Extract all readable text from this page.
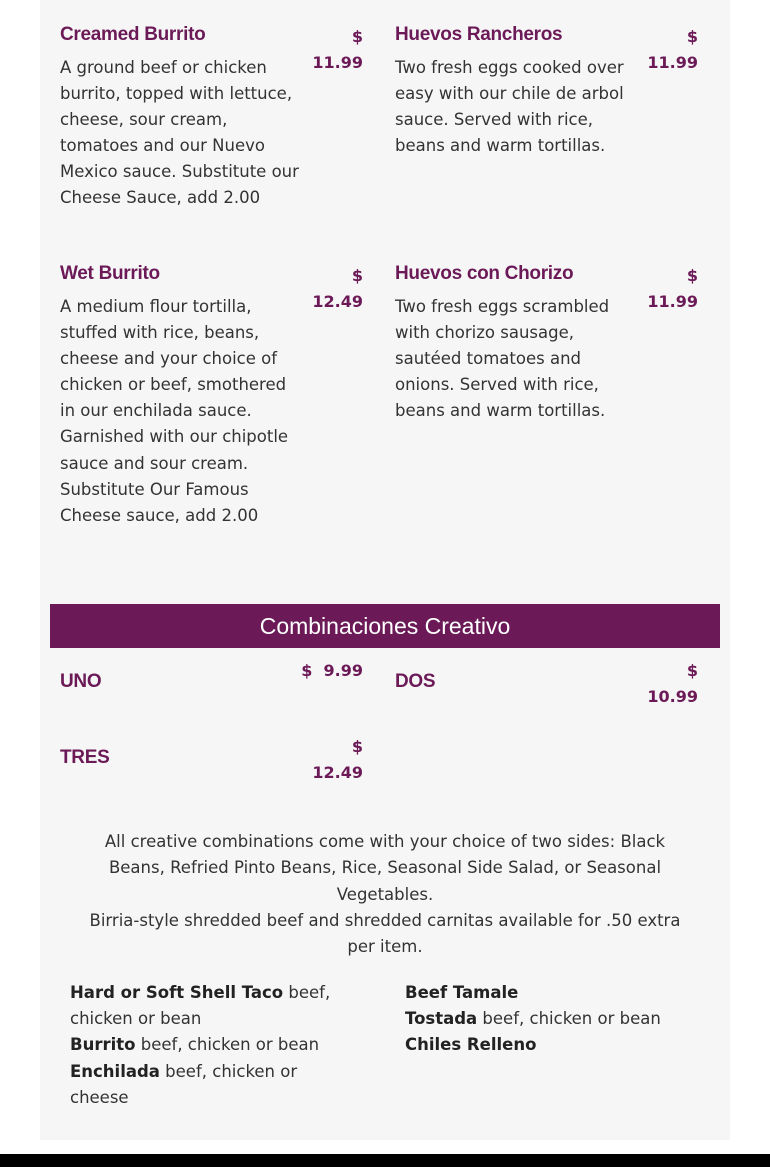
Creamed Burrito	$
11.99
A ground beef or chicken burrito, topped with lettuce, cheese, sour cream, tomatoes and our Nuevo Mexico sauce. Substitute our Cheese Sauce, add 2.00
Huevos Rancheros	$
11.99
Two fresh eggs cooked over easy with our chile de arbol sauce. Served with rice, beans and warm tortillas.
Wet Burrito	$
12.49
A medium flour tortilla, stuffed with rice, beans, cheese and your choice of chicken or beef, smothered in our enchilada sauce. Garnished with our chipotle sauce and sour cream. Substitute Our Famous Cheese sauce, add 2.00
Huevos con Chorizo	$
11.99
Two fresh eggs scrambled with chorizo sausage, sautéed tomatoes and onions. Served with rice, beans and warm tortillas.
Combinaciones Creativo
UNO
$ 9.99
DOS
$
10.99
TRES
$
12.49

All creative combinations come with your choice of two sides: Black Beans, Refried Pinto Beans, Rice, Seasonal Side Salad, or Seasonal Vegetables.

Birria-style shredded beef and shredded carnitas available for .50 extra per item.

Hard or Soft Shell Taco beef, chicken or bean

Burrito beef, chicken or bean

Enchilada beef, chicken or cheese

Beef Tamale

Tostada beef, chicken or bean

Chiles Relleno
